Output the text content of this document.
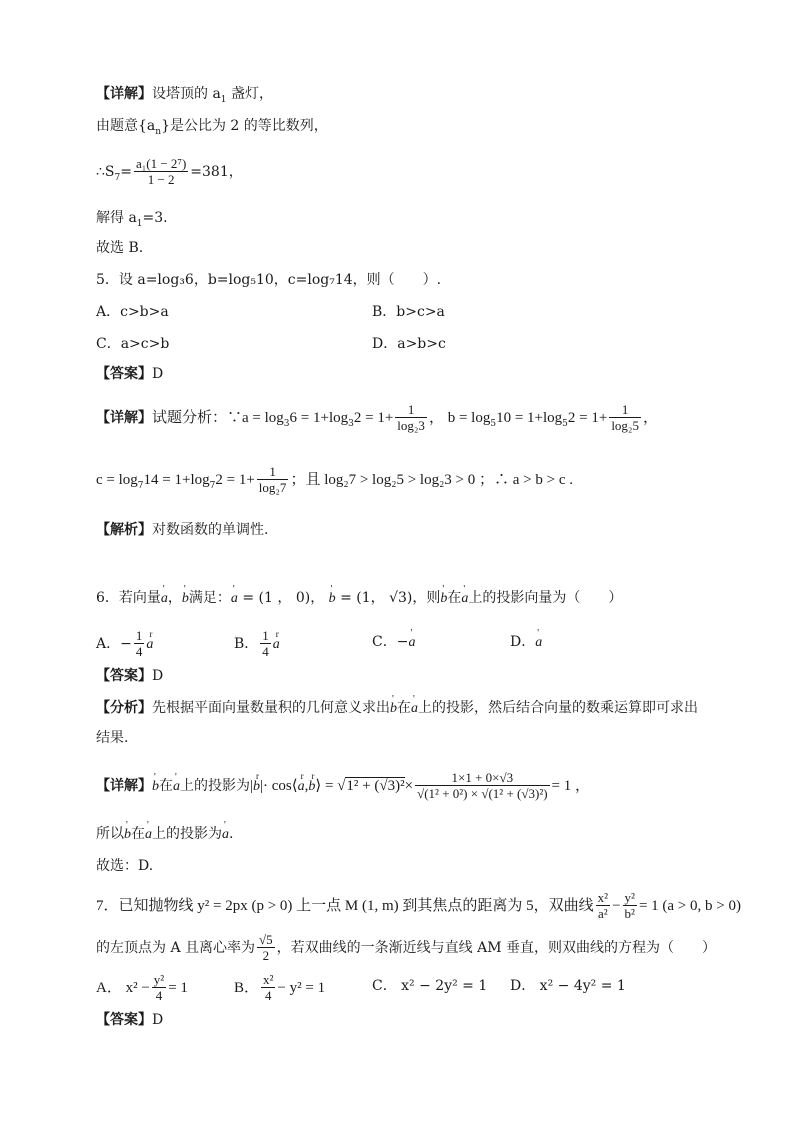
【详解】设塔顶的 $a_1$ 盏灯，
由题意$\{a_n\}$是公比为 2 的等比数列，
$\therefore S_7= \frac{\text{a₁(1 − 2⁷)}}{1 - 2} =381$，
解得 $a_1=3$.
故选 B.
5．设 a=log₃6，b=log₅10，c=log₇14，则（　　）.
A．c>b>a	B．b>c>a
C．a>c>b	D．a>b>c
【答案】D
【详解】试题分析：∵a = $\log_36 = 1+\log_32 = 1+ \frac{1}{\text{log₂3}}$ ， $b = \log_510 = 1+\log_52 = 1+ \frac{1}{\text{log₂5}}$ ，
$c = \log_714 = 1+\log_72 = 1+ \frac{1}{\text{log₂7}}$ ；且 log₂7 > log₂5 > log₂3 > 0 ；∴ a > b > c .
【解析】对数函数的单调性.
6．若向量' a，' b满足：' a = (1 ， 0)， ' b = (1， √3)，则' b在' a上的投影向量为（　　）
A．− $\frac{1}{4}$ r a	B． $\frac{1}{4}$ r a	C．−' a	D．' a
【答案】D
【分析】先根据平面向量数量积的几何意义求出' b在' a上的投影，然后结合向量的数乘运算即可求出
结果.
【详解】' b在' a上的投影为|r b|· cos⟨r a,r b⟩ = $√1^2 + (√3)^2\times \frac{1\times 1 + 0\times√3}{\text{√(1² + 0²) × √(1² + (√3)²)}} = 1$ ，
所以' b在' a上的投影为' a.
故选：D.
7．已知抛物线 y² = 2px (p > 0) 上一点 M (1, m) 到其焦点的距离为 5，双曲线 $\frac{\text{x²}}{\text{a²}} - \frac{\text{y²}}{\text{b²}} = 1$ (a > 0, b > 0)
的左顶点为 A 且离心率为 $\frac{√5}{2}$ ，若双曲线的一条渐近线与直线 AM 垂直，则双曲线的方程为（　　）
A． $x^2 - \frac{\text{y²}}{4} = 1$	B． $\frac{\text{x²}}{4} - y^2 = 1$	C． x² − 2y² = 1 D． x² − 4y² = 1
【答案】D
